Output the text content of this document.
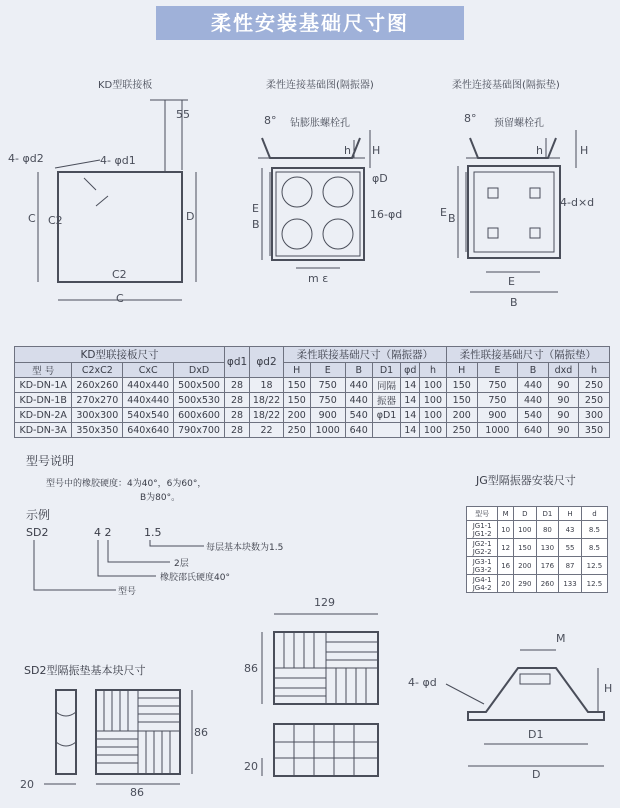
柔性安装基础尺寸图
KD型联接板
4- φd2	4- φd1
55
C C2	D
C2
C
柔性连接基础图(隔振器)
8° 钻膨胀螺栓孔
h H
φD
16-φd
E
B
m ε
柔性连接基础图(隔振垫)
8° 预留螺栓孔
h	H
4-d×d
E B
E
B
KD型联接板尺寸				φd1	φd2	柔性联接基础尺寸（隔振器）						柔性联接基础尺寸（隔振垫）				
型 号	C2xC2	CxC	DxD			H	E	B	D1	φd	h	H	E	B	dxd	h
KD-DN-1A	260x260	440x440	500x500	28	18	150	750	440	同隔	14	100	150	750	440	90	250
KD-DN-1B	270x270	440x440	500x530	28	18/22	150	750	440	振器	14	100	150	750	440	90	250
KD-DN-2A	300x300	540x540	600x600	28	18/22	200	900	540	φD1	14	100	200	900	540	90	300
KD-DN-3A	350x350	640x640	790x700	28	22	250	1000	640		14	100	250	1000	640	90	350
型号说明
型号中的橡胶硬度：4为40°，6为60°，
B为80°。
示例
SD2	4 2	1.5
每层基本块数为1.5
2层
橡胶邵氏硬度40°
型号
JG型隔振器安装尺寸
型号	M	D	D1	H	d
JG1-1
JG1-2	10	100	80	43	8.5
JG2-1
JG2-2	12	150	130	55	8.5
JG3-1
JG3-2	16	200	176	87	12.5
JG4-1
JG4-2	20	290	260	133	12.5
M
H
4- φd
D1
D
SD2型隔振垫基本块尺寸
86
86
20
129
86
20
